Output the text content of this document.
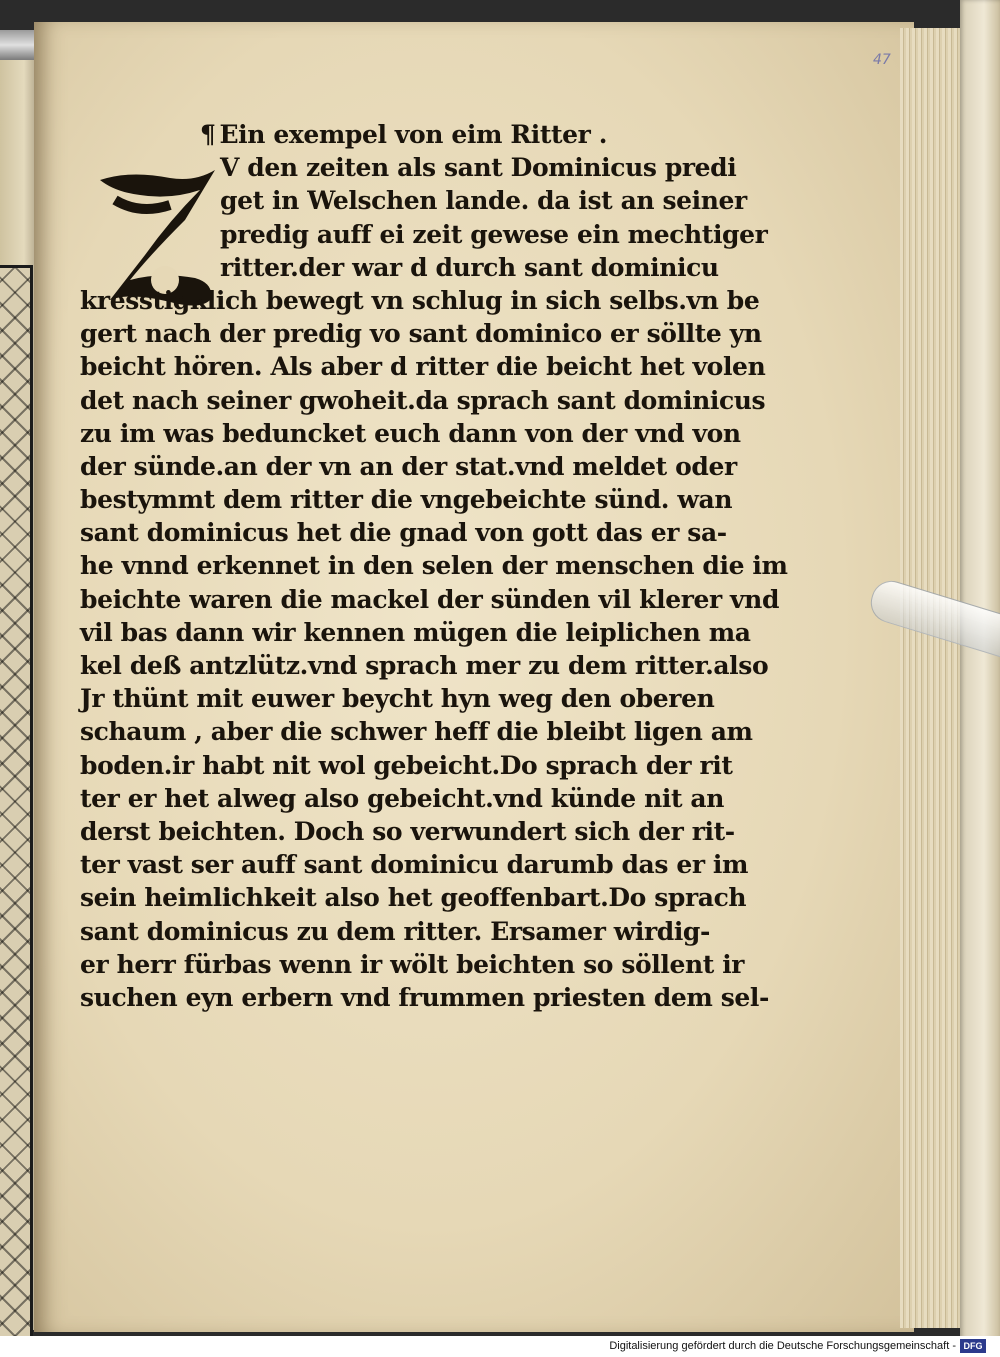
47
¶ Ein exempel von eim Ritter .
V den zeiten als sant Dominicus predi
get in Welschen lande. da ist an seiner
predig auff ei zeit gewese ein mechtiger
ritter.der war d durch sant dominicu
kresstigklich bewegt vn schlug in sich selbs.vn be
gert nach der predig vo sant dominico er söllte yn
beicht hören. Als aber d ritter die beicht het volen
det nach seiner gwoheit.da sprach sant dominicus
zu im was beduncket euch dann von der vnd von
der sünde.an der vn an der stat.vnd meldet oder
bestymmt dem ritter die vngebeichte sünd. wan
sant dominicus het die gnad von gott das er sa-
he vnnd erkennet in den selen der menschen die im
beichte waren die mackel der sünden vil klerer vnd
vil bas dann wir kennen mügen die leiplichen ma
kel deß antzlütz.vnd sprach mer zu dem ritter.also
Jr thünt mit euwer beycht hyn weg den oberen
schaum , aber die schwer heff die bleibt ligen am
boden.ir habt nit wol gebeicht.Do sprach der rit
ter er het alweg also gebeicht.vnd künde nit an
derst beichten. Doch so verwundert sich der rit-
ter vast ser auff sant dominicu darumb das er im
sein heimlichkeit also het geoffenbart.Do sprach
sant dominicus zu dem ritter. Ersamer wirdig-
er herr fürbas wenn ir wölt beichten so söllent ir
suchen eyn erbern vnd frummen priesten dem sel-
Digitalisierung gefördert durch die Deutsche Forschungsgemeinschaft - DFG
